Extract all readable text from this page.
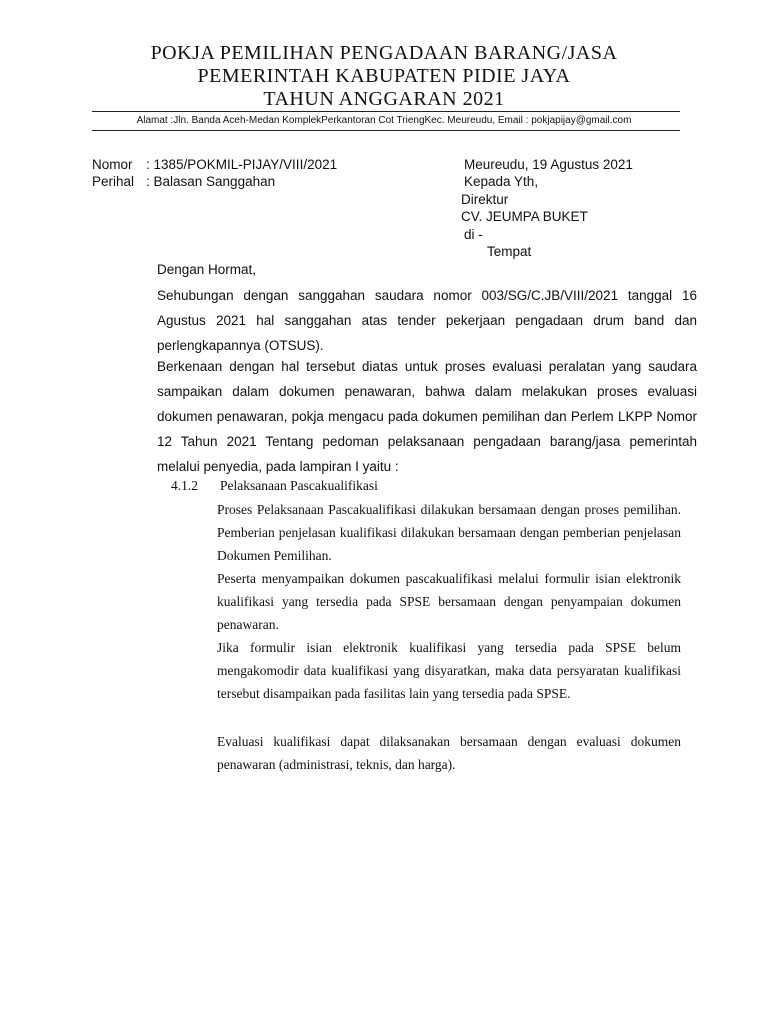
POKJA PEMILIHAN PENGADAAN BARANG/JASA
PEMERINTAH KABUPATEN PIDIE JAYA
TAHUN ANGGARAN 2021
Alamat :Jln. Banda Aceh-Medan KomplekPerkantoran Cot TriengKec. Meureudu, Email : pokjapijay@gmail.com
Nomor : 1385/POKMIL-PIJAY/VIII/2021
Perihal : Balasan Sanggahan
Meureudu, 19 Agustus 2021
Kepada Yth,
Direktur
CV. JEUMPA BUKET
di -
Tempat
Dengan Hormat,
Sehubungan dengan sanggahan saudara nomor 003/SG/C.JB/VIII/2021 tanggal 16 Agustus 2021 hal sanggahan atas tender pekerjaan pengadaan drum band dan perlengkapannya (OTSUS).
Berkenaan dengan hal tersebut diatas untuk proses evaluasi peralatan yang saudara sampaikan dalam dokumen penawaran, bahwa dalam melakukan proses evaluasi dokumen penawaran, pokja mengacu pada dokumen pemilihan dan Perlem LKPP Nomor 12 Tahun 2021 Tentang pedoman pelaksanaan pengadaan barang/jasa pemerintah melalui penyedia, pada lampiran I yaitu :
4.1.2 Pelaksanaan Pascakualifikasi
Proses Pelaksanaan Pascakualifikasi dilakukan bersamaan dengan proses pemilihan. Pemberian penjelasan kualifikasi dilakukan bersamaan dengan pemberian penjelasan Dokumen Pemilihan.
Peserta menyampaikan dokumen pascakualifikasi melalui formulir isian elektronik kualifikasi yang tersedia pada SPSE bersamaan dengan penyampaian dokumen penawaran.
Jika formulir isian elektronik kualifikasi yang tersedia pada SPSE belum mengakomodir data kualifikasi yang disyaratkan, maka data persyaratan kualifikasi tersebut disampaikan pada fasilitas lain yang tersedia pada SPSE.
Evaluasi kualifikasi dapat dilaksanakan bersamaan dengan evaluasi dokumen penawaran (administrasi, teknis, dan harga).
